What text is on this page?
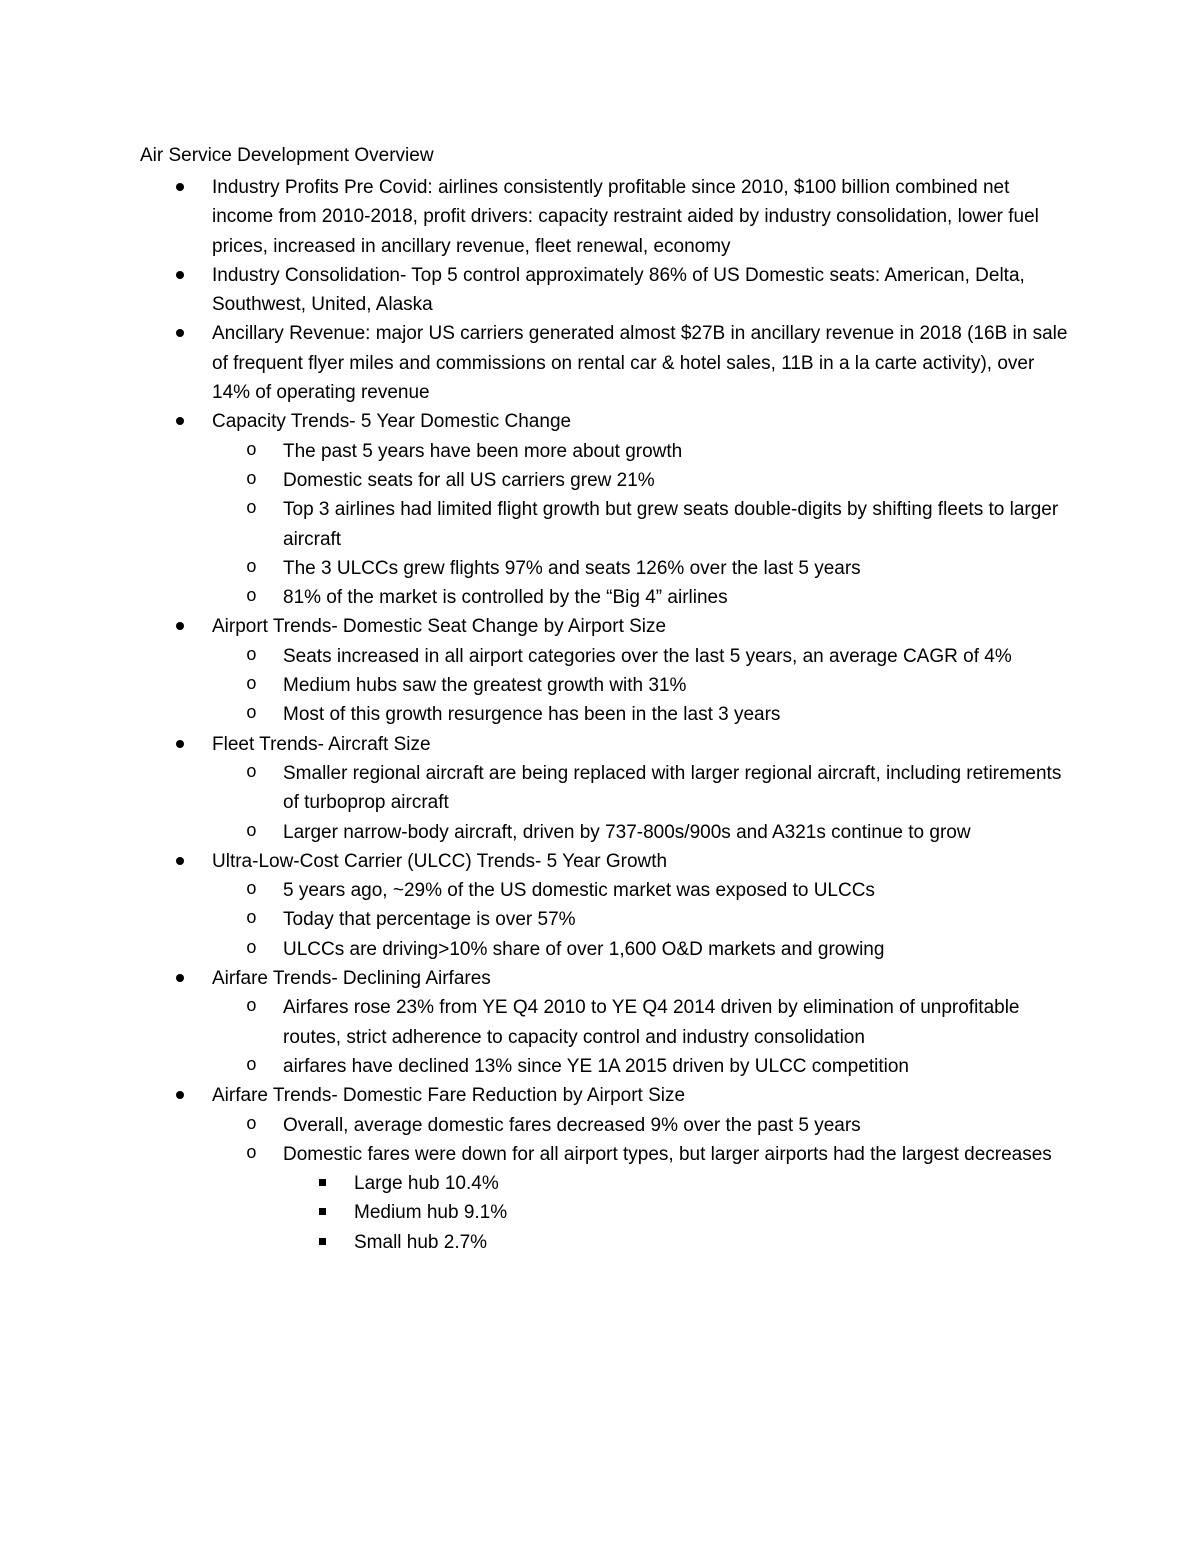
Air Service Development Overview
Industry Profits Pre Covid: airlines consistently profitable since 2010, $100 billion combined net income from 2010-2018, profit drivers: capacity restraint aided by industry consolidation, lower fuel prices, increased in ancillary revenue, fleet renewal, economy
Industry Consolidation- Top 5 control approximately 86% of US Domestic seats: American, Delta, Southwest, United, Alaska
Ancillary Revenue: major US carriers generated almost $27B in ancillary revenue in 2018 (16B in sale of frequent flyer miles and commissions on rental car & hotel sales, 11B in a la carte activity), over 14% of operating revenue
Capacity Trends- 5 Year Domestic Change
o The past 5 years have been more about growth
o Domestic seats for all US carriers grew 21%
o Top 3 airlines had limited flight growth but grew seats double-digits by shifting fleets to larger aircraft
o The 3 ULCCs grew flights 97% and seats 126% over the last 5 years
o 81% of the market is controlled by the “Big 4” airlines
Airport Trends- Domestic Seat Change by Airport Size
o Seats increased in all airport categories over the last 5 years, an average CAGR of 4%
o Medium hubs saw the greatest growth with 31%
o Most of this growth resurgence has been in the last 3 years
Fleet Trends- Aircraft Size
o Smaller regional aircraft are being replaced with larger regional aircraft, including retirements of turboprop aircraft
o Larger narrow-body aircraft, driven by 737-800s/900s and A321s continue to grow
Ultra-Low-Cost Carrier (ULCC) Trends- 5 Year Growth
o 5 years ago, ~29% of the US domestic market was exposed to ULCCs
o Today that percentage is over 57%
o ULCCs are driving>10% share of over 1,600 O&D markets and growing
Airfare Trends- Declining Airfares
o Airfares rose 23% from YE Q4 2010 to YE Q4 2014 driven by elimination of unprofitable routes, strict adherence to capacity control and industry consolidation
o airfares have declined 13% since YE 1A 2015 driven by ULCC competition
Airfare Trends- Domestic Fare Reduction by Airport Size
o Overall, average domestic fares decreased 9% over the past 5 years
o Domestic fares were down for all airport types, but larger airports had the largest decreases
Large hub 10.4%
Medium hub 9.1%
Small hub 2.7%
